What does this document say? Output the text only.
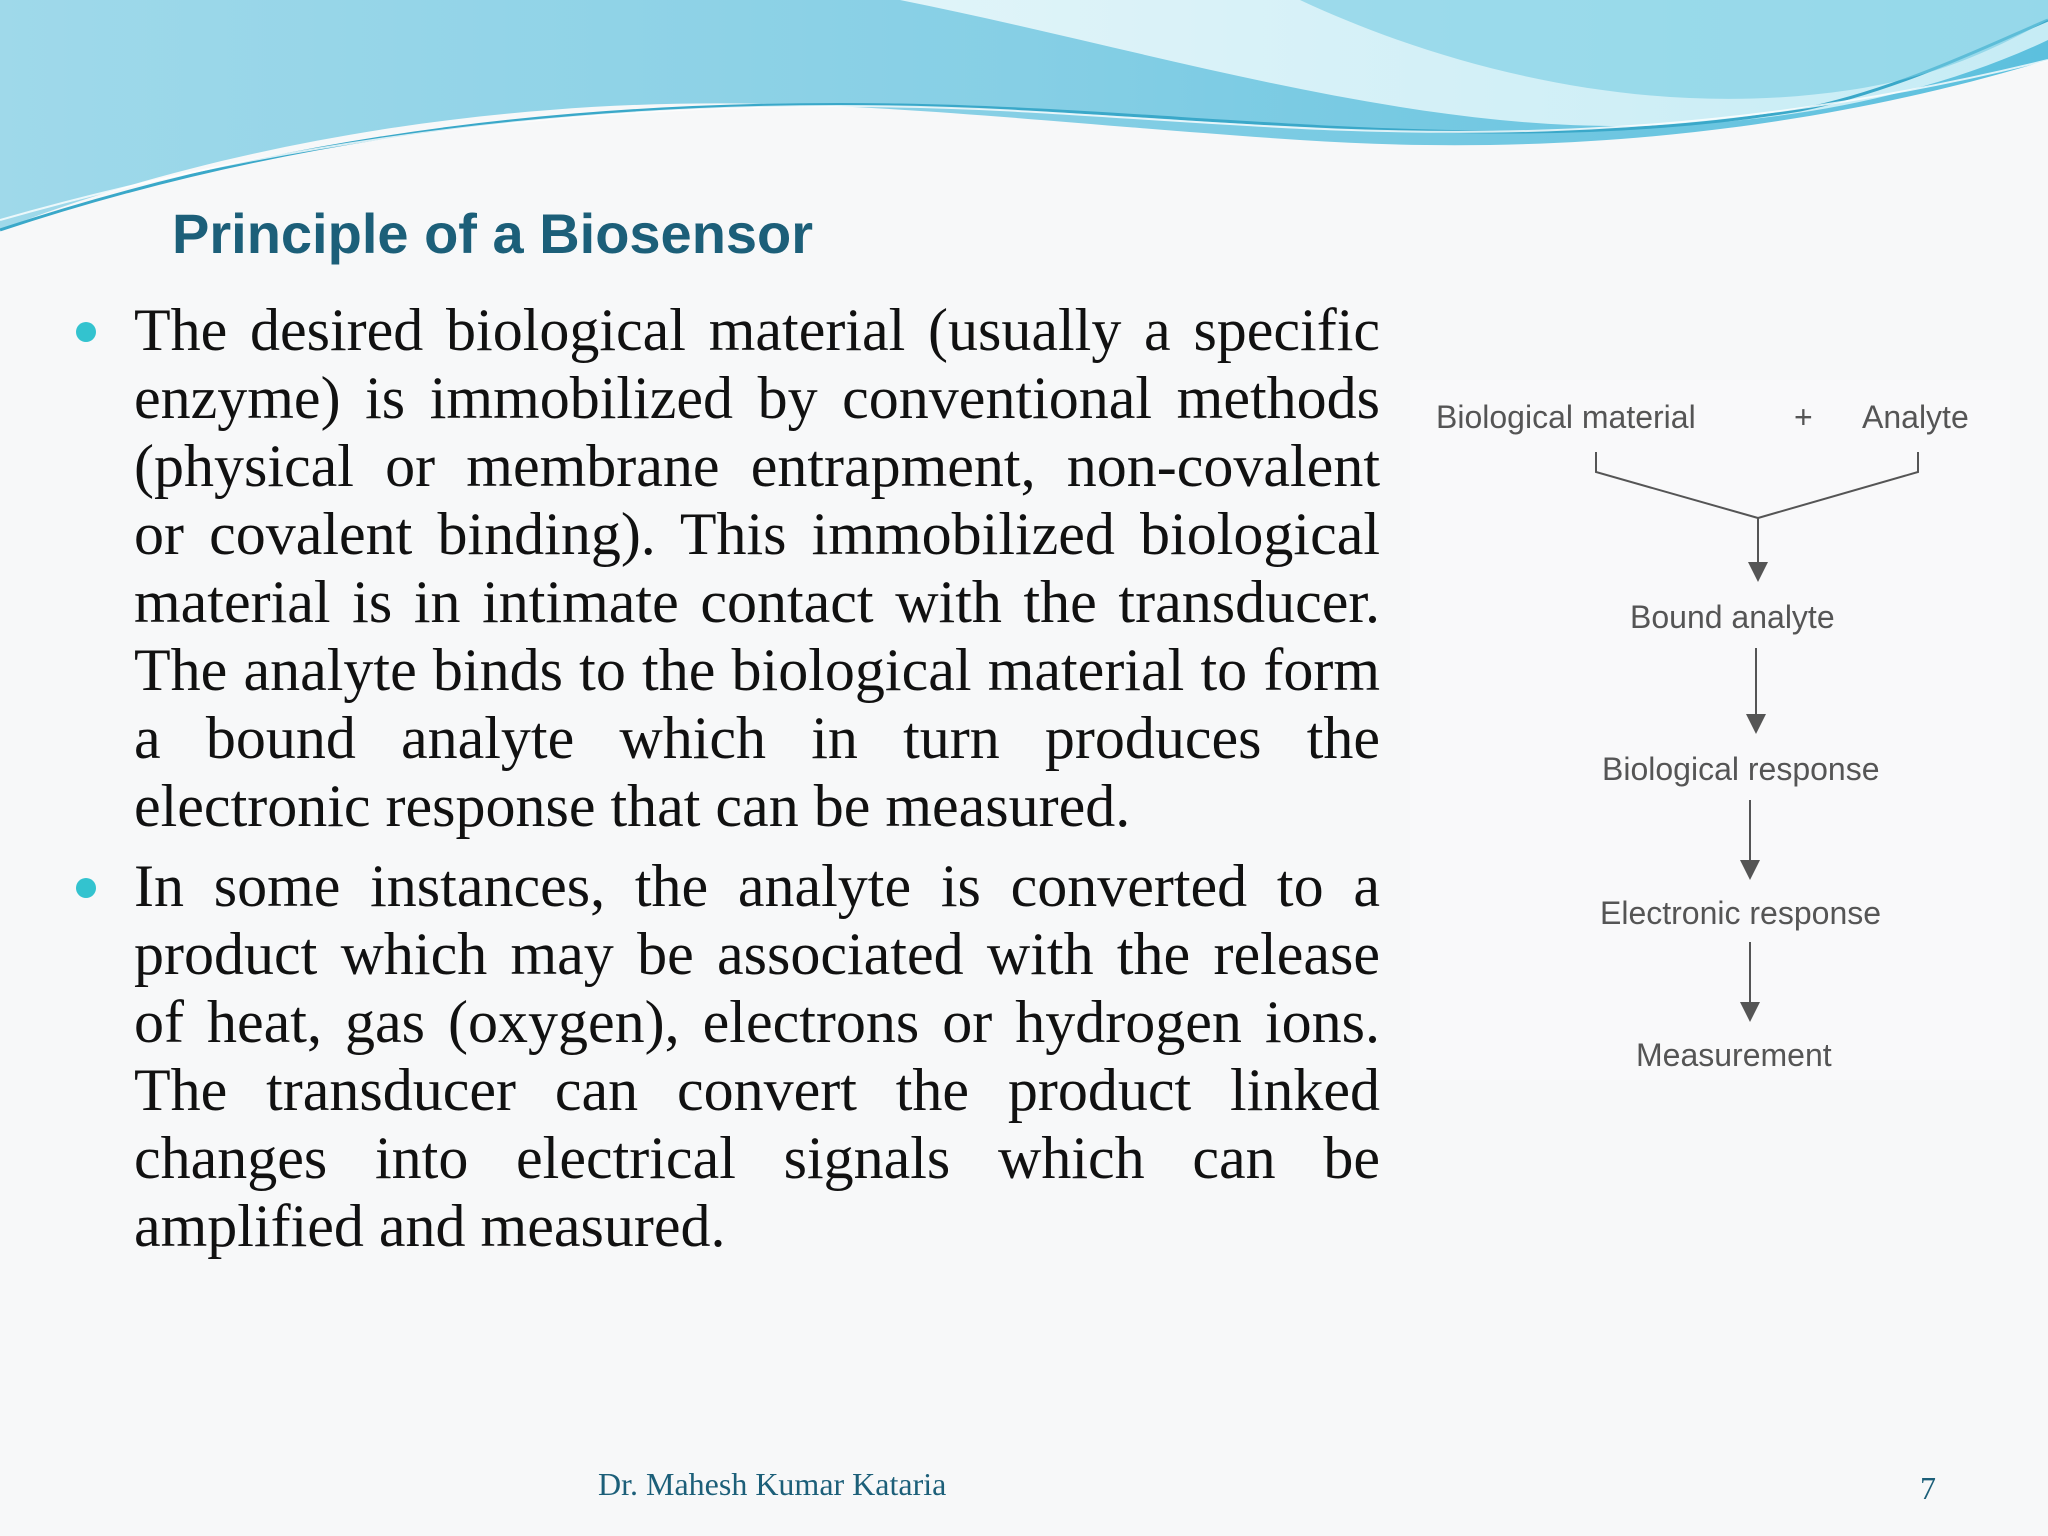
Principle of a Biosensor

The desired biological material (usually a specific enzyme) is immobilized by conventional methods (physical or membrane entrapment, non-covalent or covalent binding). This immobilized biological material is in intimate contact with the transducer. The analyte binds to the biological material to form a bound analyte which in turn produces the electronic response that can be measured.

In some instances, the analyte is converted to a product which may be associated with the release of heat, gas (oxygen), electrons or hydrogen ions. The transducer can convert the product linked changes into electrical signals which can be amplified and measured.

Biological material	+ Analyte
Bound analyte
Biological response
Electronic response
Measurement
Dr. Mahesh Kumar Kataria	7
